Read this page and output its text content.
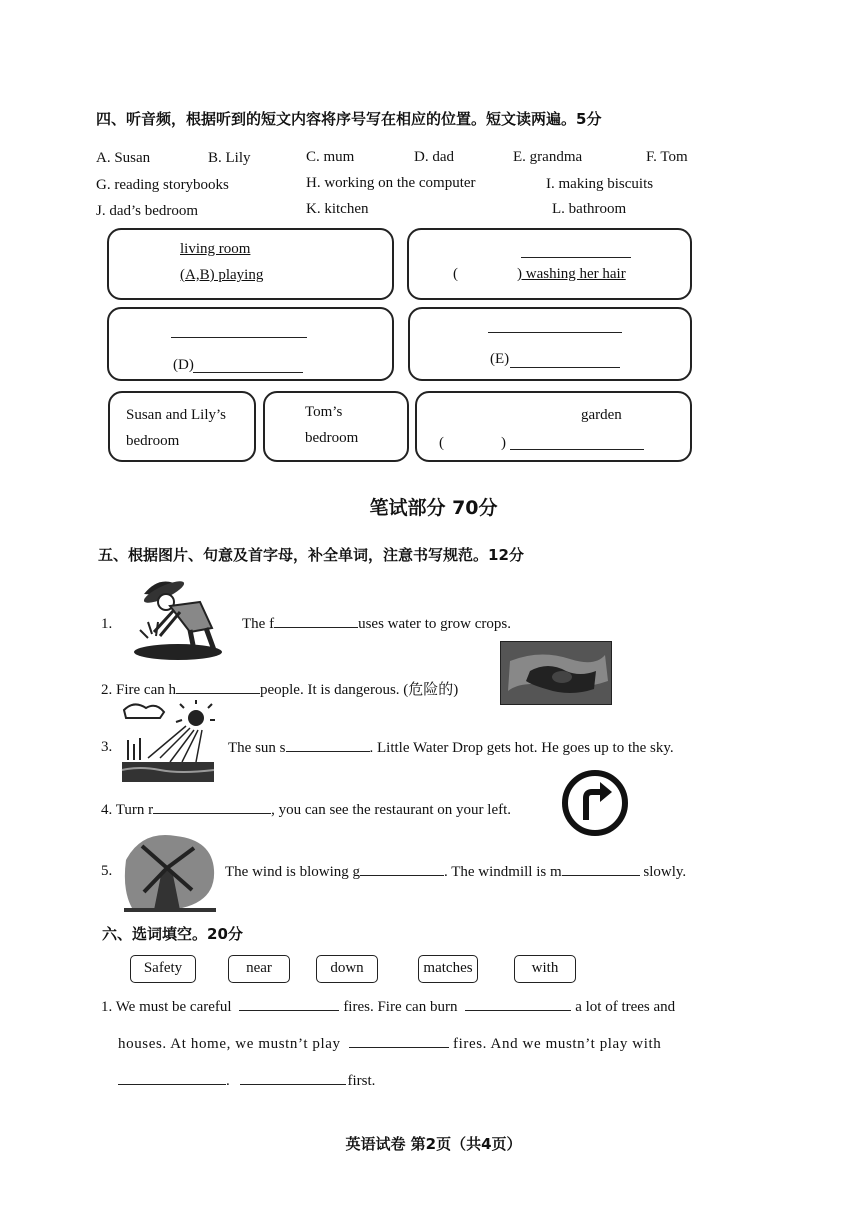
四、听音频，根据听到的短文内容将序号写在相应的位置。短文读两遍。5分
A. Susan	B. Lily	C. mum	D. dad	E. grandma	F. Tom
G. reading storybooks	H. working on the computer	I. making biscuits
J. dad’s bedroom	K. kitchen	L. bathroom
living room
(A,B) playing	(	) washing her hair
(D)	(E)
Susan and Lily’s
bedroom
Tom’s
bedroom
garden
(	)
笔试部分 70分
五、根据图片、句意及首字母，补全单词，注意书写规范。12分
1.	The f	uses water to grow crops.
2. Fire can h	people. It is dangerous. (危险的)
3.	The sun s	. Little Water Drop gets hot. He goes up to the sky.
4. Turn r	, you can see the restaurant on your left.
5.	The wind is blowing g	. The windmill is m	slowly.
六、选词填空。20分
Safety	near	down	matches	with
1. We must be careful	fires. Fire can burn	a lot of trees and
houses. At home, we mustn’t play	fires. And we mustn’t play with
.	first.
英语试卷 第2页（共4页）
